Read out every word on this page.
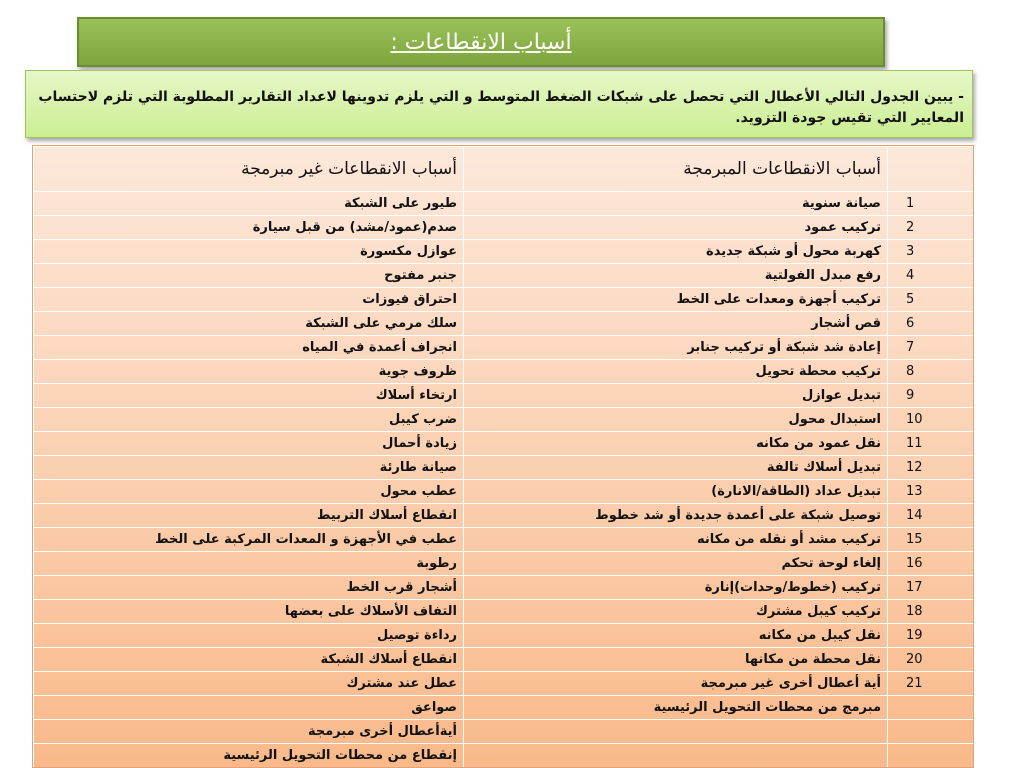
أسباب الانقطاعات :
- يبين الجدول التالي الأعطال التي تحصل على شبكات الضغط المتوسط و التي يلزم تدوينها لاعداد التقارير المطلوبة التي تلزم لاحتساب المعايير التي تقيس جودة التزويد.
	أسباب الانقطاعات المبرمجة	أسباب الانقطاعات غير مبرمجة
1	صيانة سنوية	طيور على الشبكة
2	تركيب عمود	صدم(عمود/مشد) من قبل سيارة
3	كهربة محول أو شبكة جديدة	عوازل مكسورة
4	رفع مبدل الفولتية	جنبر مفتوح
5	تركيب أجهزة ومعدات على الخط	احتراق فيوزات
6	قص أشجار	سلك مرمي على الشبكة
7	إعادة شد شبكة أو تركيب جنابر	انجراف أعمدة في المياه
8	تركيب محطة تحويل	ظروف جوية
9	تبديل عوازل	ارتخاء أسلاك
10	استبدال محول	ضرب كيبل
11	نقل عمود من مكانه	زيادة أحمال
12	تبديل أسلاك تالفة	صيانة طارئة
13	تبديل عداد (الطاقة/الانارة)	عطب محول
14	توصيل شبكة على أعمدة جديدة أو شد خطوط	انقطاع أسلاك التربيط
15	تركيب مشد أو نقله من مكانه	عطب في الأجهزة و المعدات المركبة على الخط
16	إلغاء لوحة تحكم	رطوبة
17	تركيب (خطوط/وحدات)إنارة	أشجار قرب الخط
18	تركيب كيبل مشترك	التفاف الأسلاك على بعضها
19	نقل كيبل من مكانه	رداءة توصيل
20	نقل محطة من مكانها	انقطاع أسلاك الشبكة
21	أية أعطال أخرى غير مبرمجة	عطل عند مشترك
	مبرمج من محطات التحويل الرئيسية	صواعق
		أيةأعطال أخرى مبرمجة
		إنقطاع من محطات التحويل الرئيسية
